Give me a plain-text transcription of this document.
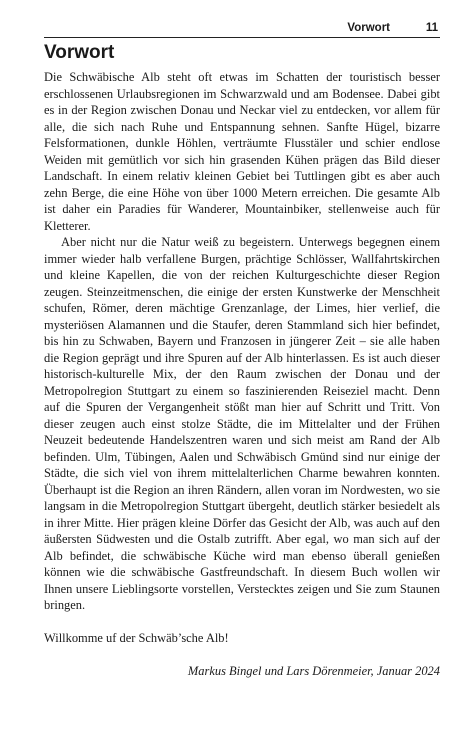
Vorwort	11
Vorwort

Die Schwäbische Alb steht oft etwas im Schatten der touristisch besser erschlossenen Urlaubsregionen im Schwarzwald und am Bodensee. Dabei gibt es in der Region zwischen Donau und Neckar viel zu entdecken, vor allem für alle, die sich nach Ruhe und Entspannung sehnen. Sanfte Hügel, bizarre Felsformationen, dunkle Höhlen, verträumte Flusstäler und schier endlose Weiden mit gemütlich vor sich hin grasenden Kühen prägen das Bild dieser Landschaft. In einem relativ kleinen Gebiet bei Tuttlingen gibt es aber auch zehn Berge, die eine Höhe von über 1000 Metern erreichen. Die gesamte Alb ist daher ein Paradies für Wanderer, Mountainbiker, stellenweise auch für Kletterer.

Aber nicht nur die Natur weiß zu begeistern. Unterwegs begegnen einem immer wieder halb verfallene Burgen, prächtige Schlösser, Wallfahrtskirchen und kleine Kapellen, die von der reichen Kulturgeschichte dieser Region zeugen. Steinzeitmenschen, die einige der ersten Kunstwerke der Menschheit schufen, Römer, deren mächtige Grenzanlage, der Limes, hier verlief, die mysteriösen Alamannen und die Staufer, deren Stammland sich hier befindet, bis hin zu Schwaben, Bayern und Franzosen in jüngerer Zeit – sie alle haben die Region geprägt und ihre Spuren auf der Alb hinterlassen. Es ist auch dieser historisch-kulturelle Mix, der den Raum zwischen der Donau und der Metropolregion Stuttgart zu einem so faszinierenden Reiseziel macht. Denn auf die Spuren der Vergangenheit stößt man hier auf Schritt und Tritt. Von dieser zeugen auch einst stolze Städte, die im Mittelalter und der Frühen Neuzeit bedeutende Handelszentren waren und sich meist am Rand der Alb befinden. Ulm, Tübingen, Aalen und Schwäbisch Gmünd sind nur einige der Städte, die sich viel von ihrem mittelalterlichen Charme bewahren konnten. Überhaupt ist die Region an ihren Rändern, allen voran im Nordwesten, wo sie langsam in die Metropolregion Stuttgart übergeht, deutlich stärker besiedelt als in ihrer Mitte. Hier prägen kleine Dörfer das Gesicht der Alb, was auch auf den äußersten Südwesten und die Ostalb zutrifft. Aber egal, wo man sich auf der Alb befindet, die schwäbische Küche wird man ebenso überall genießen können wie die schwäbische Gastfreundschaft. In diesem Buch wollen wir Ihnen unsere Lieblingsorte vorstellen, Verstecktes zeigen und Sie zum Staunen bringen.

Willkomme uf der Schwäb’sche Alb!

Markus Bingel und Lars Dörenmeier, Januar 2024
